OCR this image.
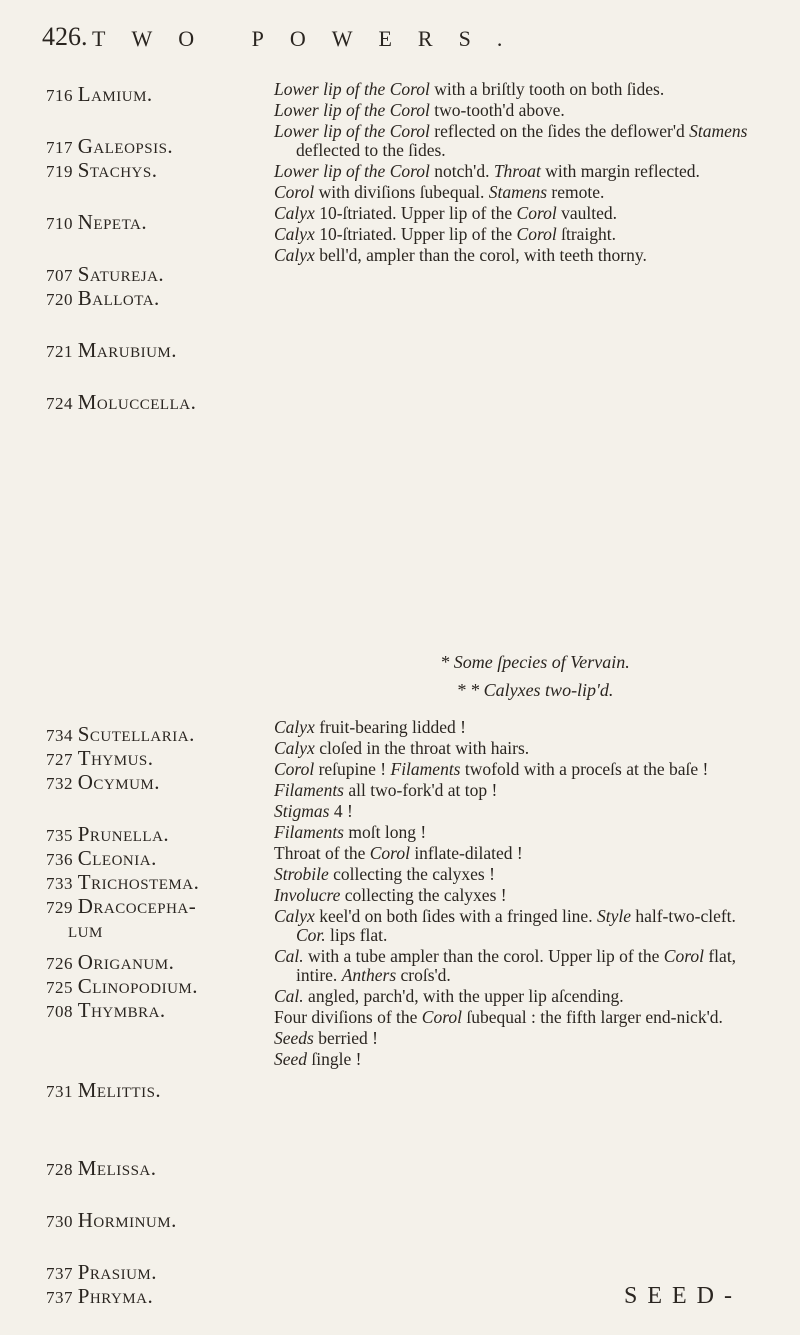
426. TWO POWERS.
716 Lamium.
717 Galeopsis.
719 Stachys.
710 Nepeta.
707 Satureja.
720 Ballota.
721 Marubium.
724 Moluccella.

Lower lip of the Corol with a briſtly tooth on both ſides.

Lower lip of the Corol two-tooth'd above.

Lower lip of the Corol reflected on the ſides the deflower'd Stamens deflected to the ſides.

Lower lip of the Corol notch'd. Throat with margin reflected.

Corol with diviſions ſubequal. Stamens remote.

Calyx 10-ſtriated. Upper lip of the Corol vaulted.

Calyx 10-ſtriated. Upper lip of the Corol ſtraight.

Calyx bell'd, ampler than the corol, with teeth thorny.

* Some ſpecies of Vervain.
* * Calyxes two-lip'd.
734 Scutellaria.
727 Thymus.
732 Ocymum.
735 Prunella.
736 Cleonia.
733 Trichostema.
729 Dracocepha-
lum
726 Origanum.
725 Clinopodium.
708 Thymbra.
731 Melittis.
728 Melissa.
730 Horminum.
737 Prasium.
737 Phryma.

Calyx fruit-bearing lidded !

Calyx cloſed in the throat with hairs.

Corol reſupine ! Filaments twofold with a proceſs at the baſe !

Filaments all two-fork'd at top !

Stigmas 4 !

Filaments moſt long !

Throat of the Corol inflate-dilated !

Strobile collecting the calyxes !

Involucre collecting the calyxes !

Calyx keel'd on both ſides with a fringed line. Style half-two-cleft. Cor. lips flat.

Cal. with a tube ampler than the corol. Upper lip of the Corol flat, intire. Anthers croſs'd.

Cal. angled, parch'd, with the upper lip aſcending.

Four diviſions of the Corol ſubequal : the fifth larger end-nick'd.

Seeds berried !

Seed ſingle !

SEED-
